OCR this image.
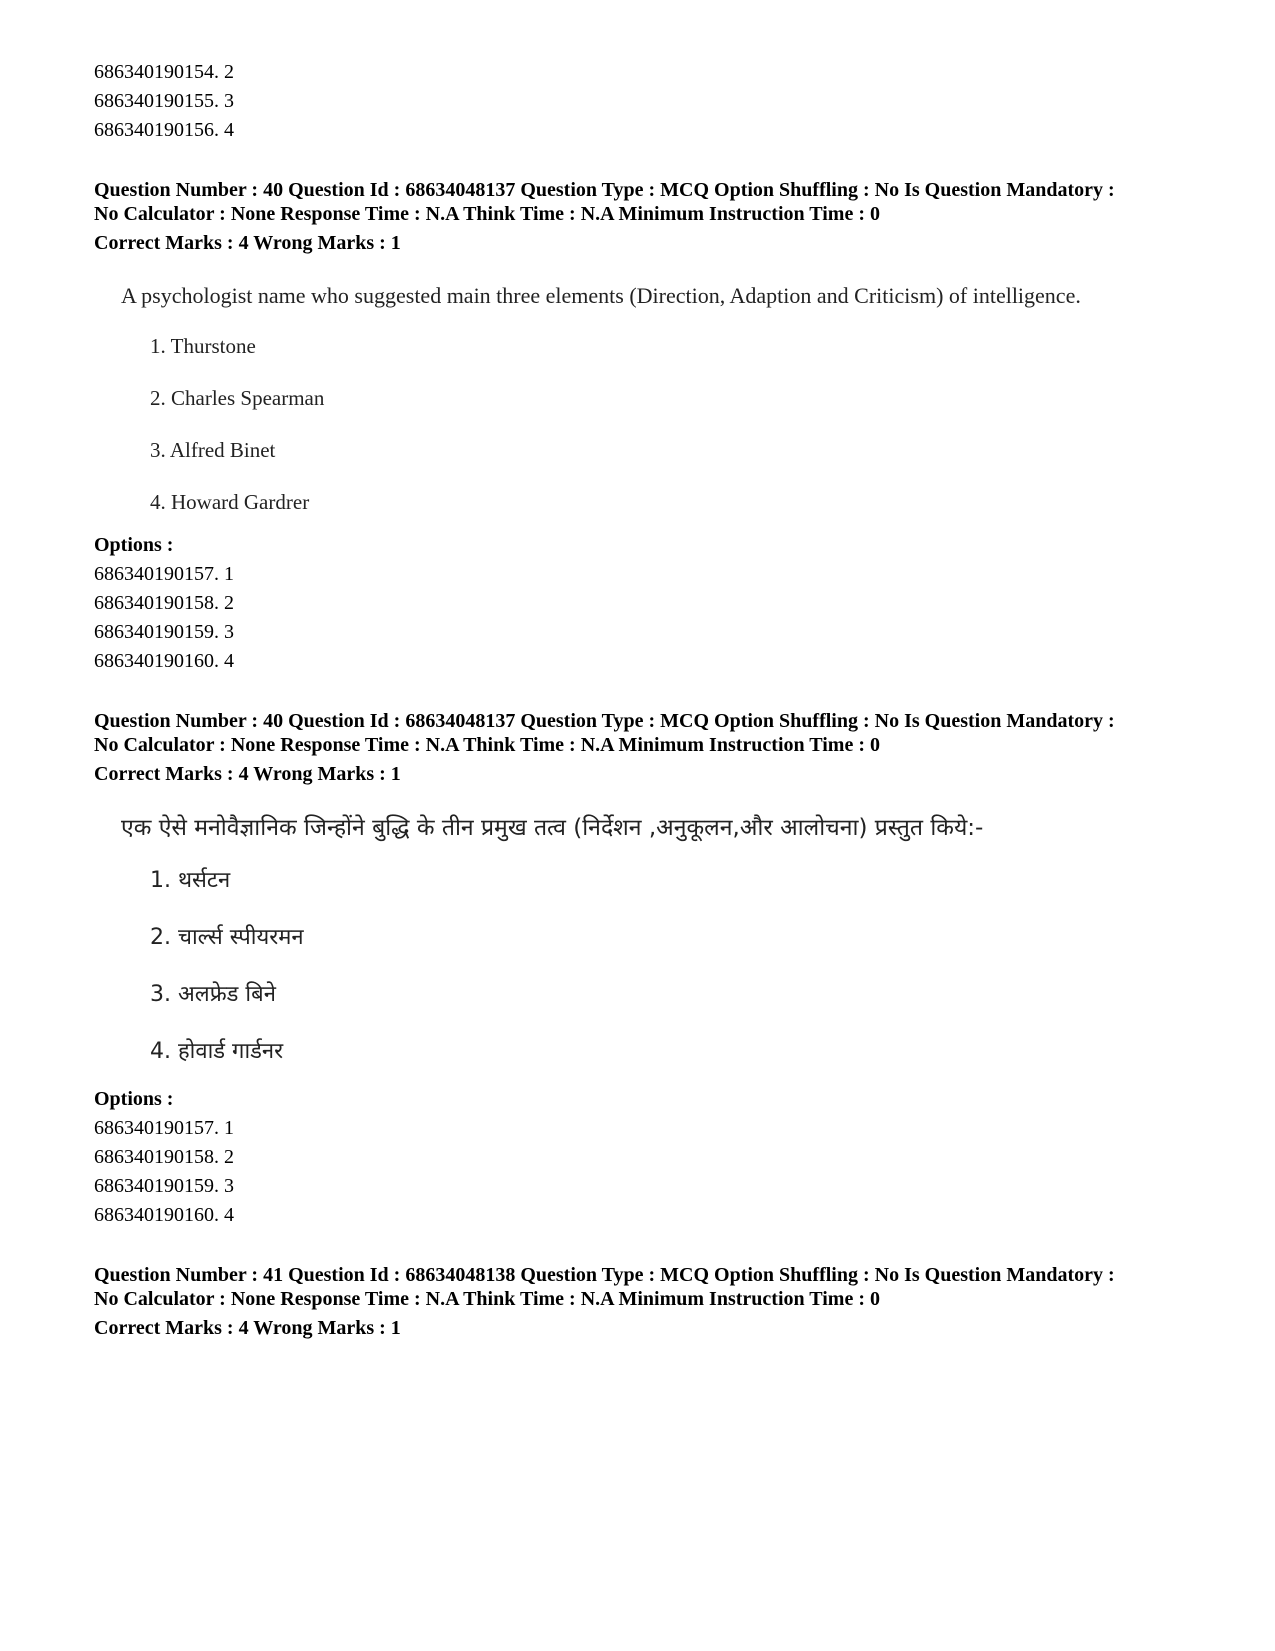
686340190154. 2
686340190155. 3
686340190156. 4
Question Number : 40 Question Id : 68634048137 Question Type : MCQ Option Shuffling : No Is Question Mandatory :
No Calculator : None Response Time : N.A Think Time : N.A Minimum Instruction Time : 0
Correct Marks : 4 Wrong Marks : 1
A psychologist name who suggested main three elements (Direction, Adaption and Criticism) of intelligence.
1. Thurstone
2. Charles Spearman
3. Alfred Binet
4. Howard Gardrer
Options :
686340190157. 1
686340190158. 2
686340190159. 3
686340190160. 4
Question Number : 40 Question Id : 68634048137 Question Type : MCQ Option Shuffling : No Is Question Mandatory :
No Calculator : None Response Time : N.A Think Time : N.A Minimum Instruction Time : 0
Correct Marks : 4 Wrong Marks : 1
एक ऐसे मनोवैज्ञानिक जिन्होंने बुद्धि के तीन प्रमुख तत्व (निर्देशन ,अनुकूलन,और आलोचना) प्रस्तुत किये:-
1. थर्सटन
2. चार्ल्स स्पीयरमन
3. अलफ्रेड बिने
4. होवार्ड गार्डनर
Options :
686340190157. 1
686340190158. 2
686340190159. 3
686340190160. 4
Question Number : 41 Question Id : 68634048138 Question Type : MCQ Option Shuffling : No Is Question Mandatory :
No Calculator : None Response Time : N.A Think Time : N.A Minimum Instruction Time : 0
Correct Marks : 4 Wrong Marks : 1
